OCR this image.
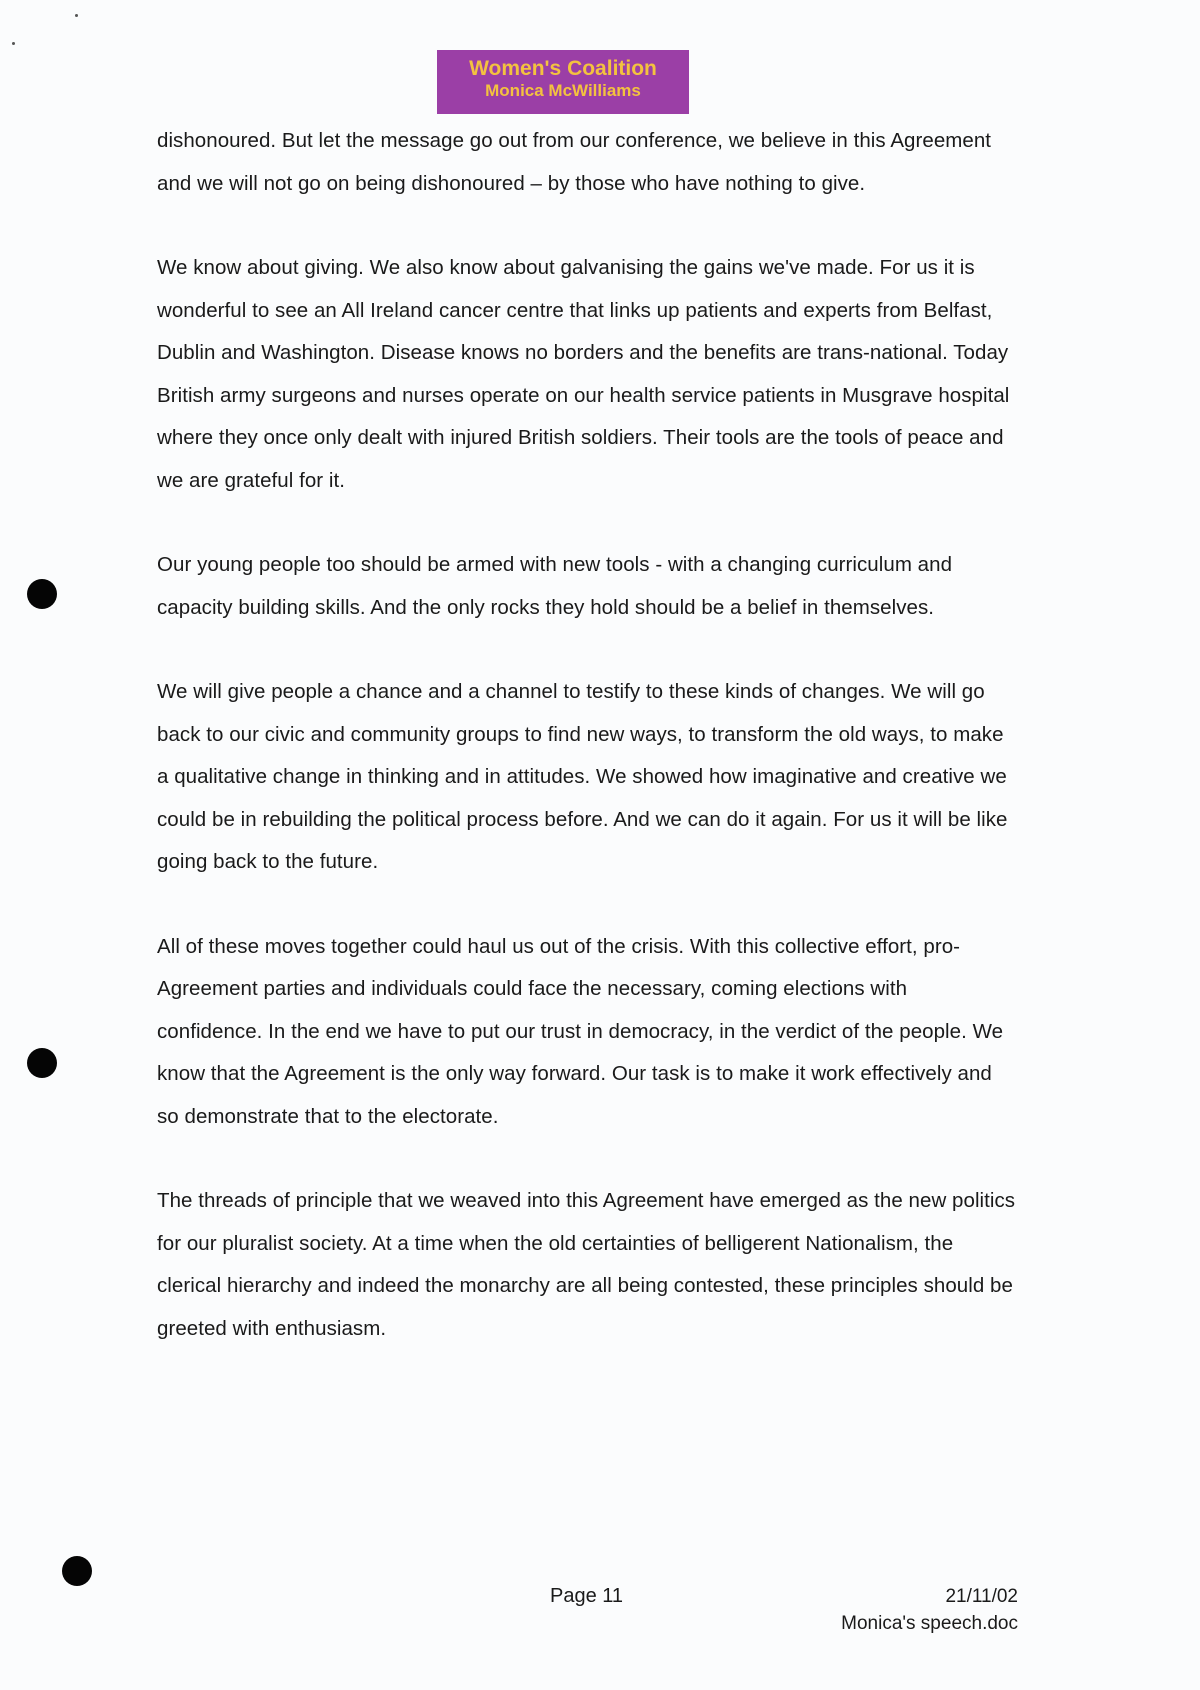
Women's Coalition
Monica McWilliams

dishonoured. But let the message go out from our conference, we believe in this Agreement and we will not go on being dishonoured – by those who have nothing to give.

We know about giving. We also know about galvanising the gains we've made. For us it is wonderful to see an All Ireland cancer centre that links up patients and experts from Belfast, Dublin and Washington. Disease knows no borders and the benefits are trans-national. Today British army surgeons and nurses operate on our health service patients in Musgrave hospital where they once only dealt with injured British soldiers. Their tools are the tools of peace and we are grateful for it.

Our young people too should be armed with new tools - with a changing curriculum and capacity building skills. And the only rocks they hold should be a belief in themselves.

We will give people a chance and a channel to testify to these kinds of changes. We will go back to our civic and community groups to find new ways, to transform the old ways, to make a qualitative change in thinking and in attitudes. We showed how imaginative and creative we could be in rebuilding the political process before. And we can do it again. For us it will be like going back to the future.

All of these moves together could haul us out of the crisis. With this collective effort, pro-Agreement parties and individuals could face the necessary, coming elections with confidence. In the end we have to put our trust in democracy, in the verdict of the people. We know that the Agreement is the only way forward. Our task is to make it work effectively and so demonstrate that to the electorate.

The threads of principle that we weaved into this Agreement have emerged as the new politics for our pluralist society. At a time when the old certainties of belligerent Nationalism, the clerical hierarchy and indeed the monarchy are all being contested, these principles should be greeted with enthusiasm.

Page 11	21/11/02
Monica's speech.doc
